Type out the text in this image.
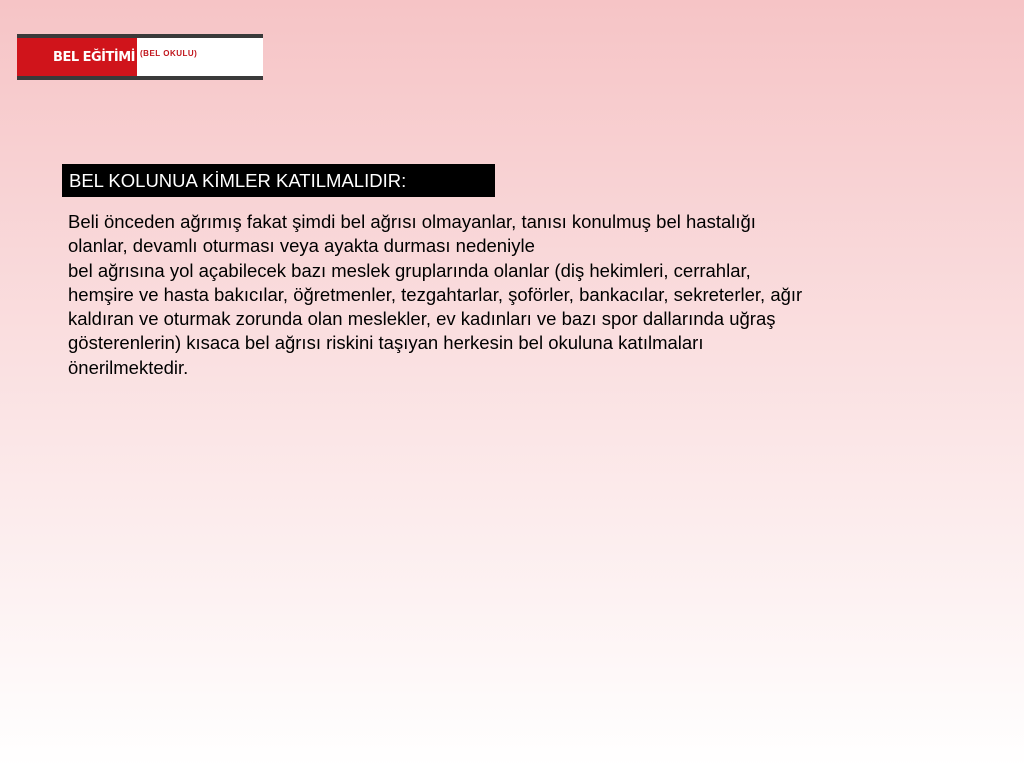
BEL EĞİTİMİ (BEL OKULU)
BEL KOLUNUA KİMLER KATILMALIDIR:

Beli önceden ağrımış fakat şimdi bel ağrısı olmayanlar, tanısı konulmuş bel hastalığı
olanlar, devamlı oturması veya ayakta durması nedeniyle
bel ağrısına yol açabilecek bazı meslek gruplarında olanlar (diş hekimleri, cerrahlar,
hemşire ve hasta bakıcılar, öğretmenler, tezgahtarlar, şoförler, bankacılar, sekreterler, ağır
kaldıran ve oturmak zorunda olan meslekler, ev kadınları ve bazı spor dallarında uğraş
gösterenlerin) kısaca bel ağrısı riskini taşıyan herkesin bel okuluna katılmaları
önerilmektedir.
